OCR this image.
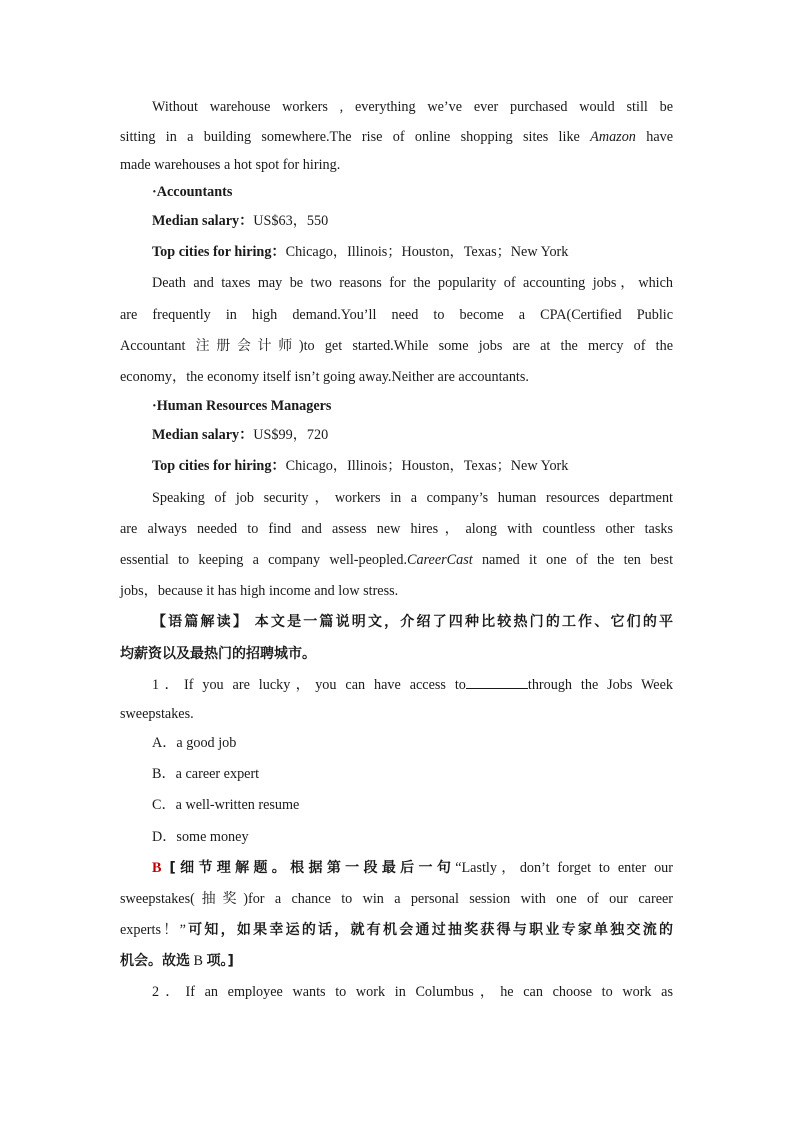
Without warehouse workers , everything we’ve ever purchased would still be
sitting in a building somewhere.The rise of online shopping sites like Amazon have
made warehouses a hot spot for hiring.
·Accountants
Median salary：US$63，550
Top cities for hiring：Chicago，Illinois；Houston，Texas；New York
Death and taxes may be two reasons for the popularity of accounting jobs，which
are frequently in high demand.You’ll need to become a CPA(Certified Public
Accountant 注册会计师)to get started.While some jobs are at the mercy of the
economy，the economy itself isn’t going away.Neither are accountants.
·Human Resources Managers
Median salary：US$99，720
Top cities for hiring：Chicago，Illinois；Houston，Texas；New York
Speaking of job security，workers in a company’s human resources department
are always needed to find and assess new hires，along with countless other tasks
essential to keeping a company well-peopled.CareerCast named it one of the ten best
jobs，because it has high income and low stress.
【语篇解读】 本文是一篇说明文，介绍了四种比较热门的工作、它们的平
均薪资以及最热门的招聘城市。
1．If you are lucky，you can have access to	through the Jobs Week
sweepstakes.
A．a good job
B．a career expert
C．a well-written resume
D．some money
B [细节理解题。根据第一段最后一句“Lastly，don’t forget to enter our
sweepstakes(抽奖)for a chance to win a personal session with one of our career
experts！”可知，如果幸运的话，就有机会通过抽奖获得与职业专家单独交流的
机会。故选 B 项。]
2．If an employee wants to work in Columbus，he can choose to work as
